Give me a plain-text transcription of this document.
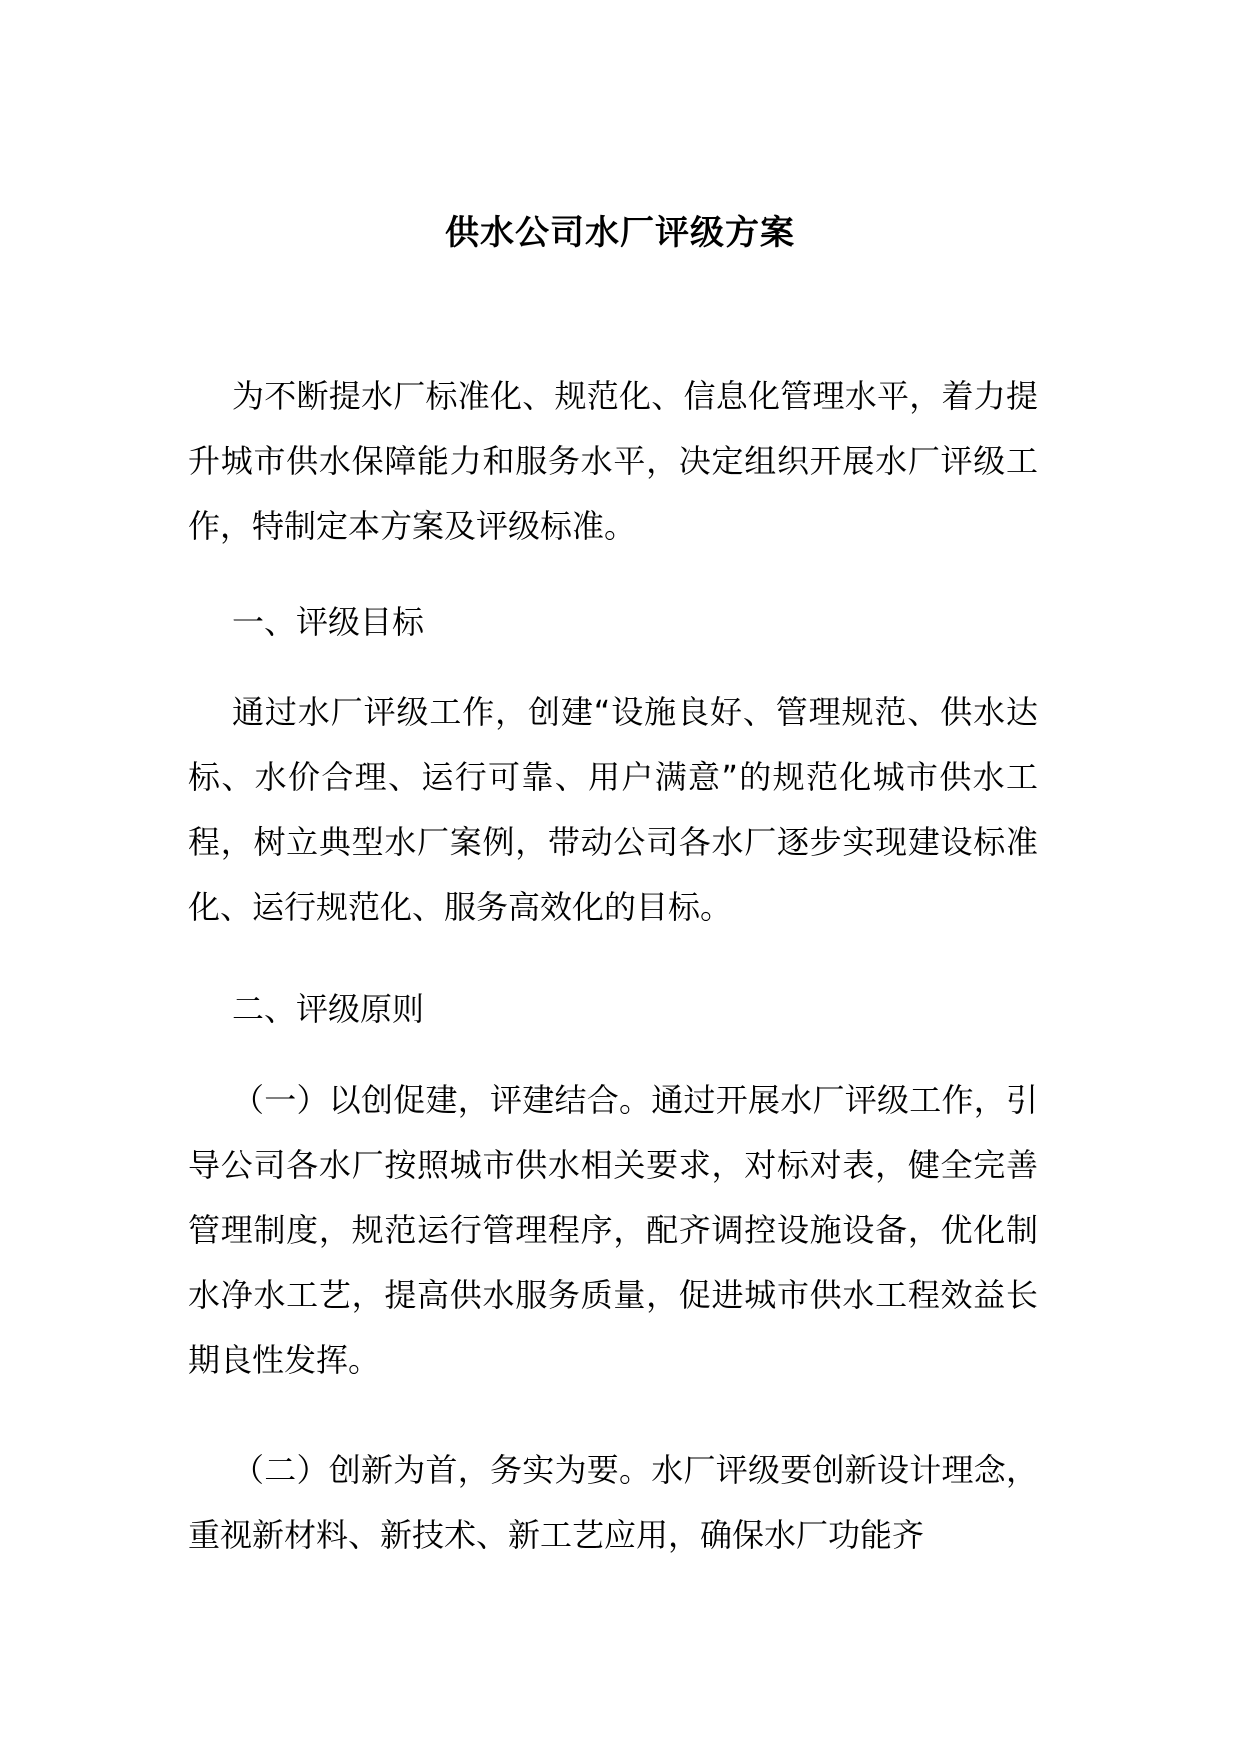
供水公司水厂评级方案

为不断提水厂标准化、规范化、信息化管理水平，着力提升城市供水保障能力和服务水平，决定组织开展水厂评级工作，特制定本方案及评级标准。

一、评级目标

通过水厂评级工作，创建“设施良好、管理规范、供水达标、水价合理、运行可靠、用户满意”的规范化城市供水工程，树立典型水厂案例，带动公司各水厂逐步实现建设标准化、运行规范化、服务高效化的目标。

二、评级原则

（一）以创促建，评建结合。通过开展水厂评级工作，引导公司各水厂按照城市供水相关要求，对标对表，健全完善管理制度，规范运行管理程序，配齐调控设施设备，优化制水净水工艺，提高供水服务质量，促进城市供水工程效益长期良性发挥。

（二）创新为首，务实为要。水厂评级要创新设计理念，重视新材料、新技术、新工艺应用，确保水厂功能齐
